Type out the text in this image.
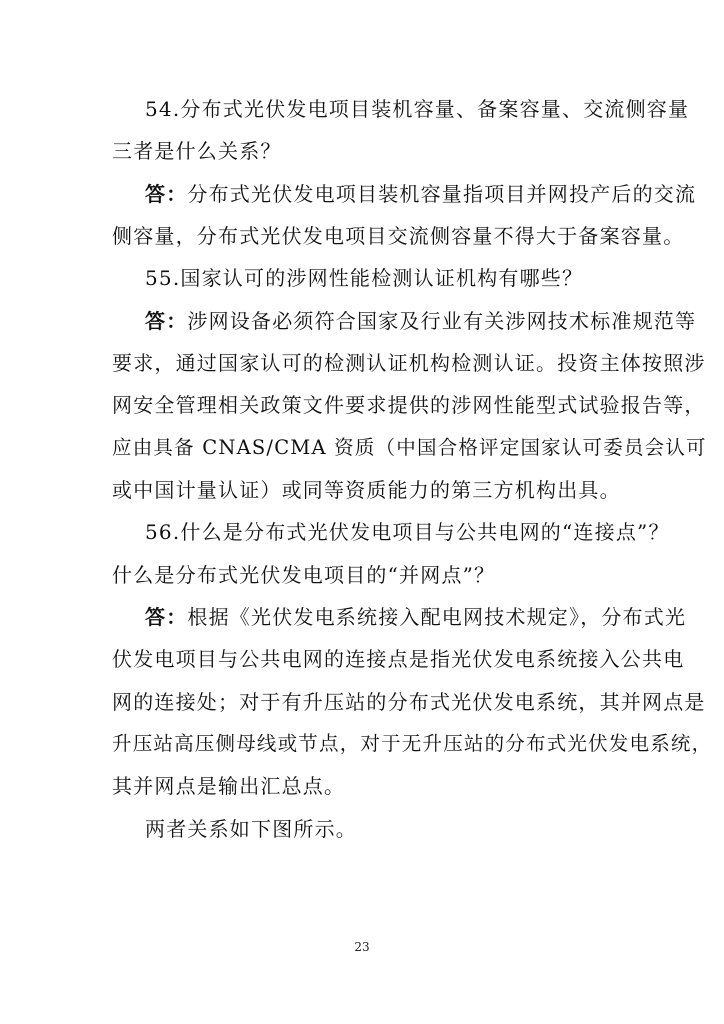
54.分布式光伏发电项目装机容量、备案容量、交流侧容量
三者是什么关系？
答：分布式光伏发电项目装机容量指项目并网投产后的交流
侧容量，分布式光伏发电项目交流侧容量不得大于备案容量。
55.国家认可的涉网性能检测认证机构有哪些？
答：涉网设备必须符合国家及行业有关涉网技术标准规范等
要求，通过国家认可的检测认证机构检测认证。投资主体按照涉
网安全管理相关政策文件要求提供的涉网性能型式试验报告等，
应由具备 CNAS/CMA 资质（中国合格评定国家认可委员会认可
或中国计量认证）或同等资质能力的第三方机构出具。
56.什么是分布式光伏发电项目与公共电网的“连接点”？
什么是分布式光伏发电项目的“并网点”？
答：根据《光伏发电系统接入配电网技术规定》，分布式光
伏发电项目与公共电网的连接点是指光伏发电系统接入公共电
网的连接处；对于有升压站的分布式光伏发电系统，其并网点是
升压站高压侧母线或节点，对于无升压站的分布式光伏发电系统，
其并网点是输出汇总点。
两者关系如下图所示。
23
